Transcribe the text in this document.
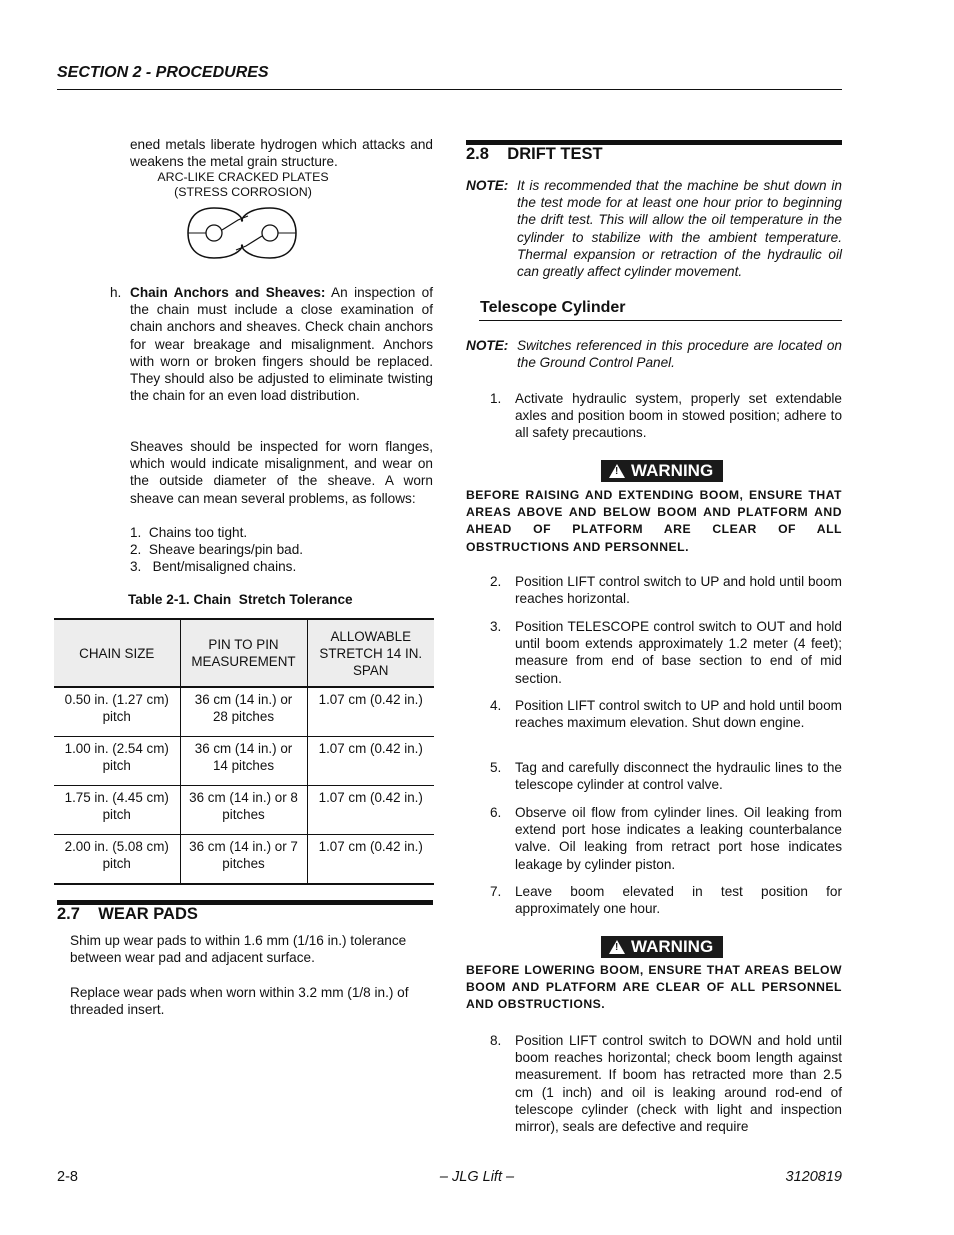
SECTION 2 - PROCEDURES

ened metals liberate hydrogen which attacks and weakens the metal grain structure.

ARC-LIKE CRACKED PLATES
(STRESS CORROSION)
h. Chain Anchors and Sheaves: An inspection of the chain must include a close examination of chain anchors and sheaves. Check chain anchors for wear breakage and misalignment. Anchors with worn or broken fingers should be replaced. They should also be adjusted to eliminate twisting the chain for an even load distribution.

Sheaves should be inspected for worn flanges, which would indicate misalignment, and wear on the outside diameter of the sheave. A worn sheave can mean several problems, as follows:

1.  Chains too tight.
2.  Sheave bearings/pin bad.
3.   Bent/misaligned chains.
Table 2-1. Chain  Stretch Tolerance
CHAIN SIZE	PIN TO PIN MEASUREMENT	ALLOWABLE STRETCH 14 IN. SPAN
0.50 in. (1.27 cm) pitch	36 cm (14 in.) or 28 pitches	1.07 cm (0.42 in.)
1.00 in. (2.54 cm) pitch	36 cm (14 in.) or 14 pitches	1.07 cm (0.42 in.)
1.75 in. (4.45 cm) pitch	36 cm (14 in.) or 8 pitches	1.07 cm (0.42 in.)
2.00 in. (5.08 cm) pitch	36 cm (14 in.) or 7 pitches	1.07 cm (0.42 in.)
2.7    WEAR PADS

Shim up wear pads to within 1.6 mm (1/16 in.) tolerance between wear pad and adjacent surface.

Replace wear pads when worn within 3.2 mm (1/8 in.) of threaded insert.

2.8    DRIFT TEST
NOTE: It is recommended that the machine be shut down in the test mode for at least one hour prior to beginning the drift test. This will allow the oil temperature in the cylinder to stabilize with the ambient temperature. Thermal expansion or retraction of the hydraulic oil can greatly affect cylinder movement.
Telescope Cylinder
NOTE: Switches referenced in this procedure are located on the Ground Control Panel.
1. Activate hydraulic system, properly set extendable axles and position boom in stowed position; adhere to all safety precautions.
! WARNING

BEFORE RAISING AND EXTENDING BOOM, ENSURE THAT AREAS ABOVE AND BELOW BOOM AND PLATFORM AND AHEAD OF PLATFORM ARE CLEAR OF ALL OBSTRUCTIONS AND PERSONNEL.

2. Position LIFT control switch to UP and hold until boom reaches horizontal.
3. Position TELESCOPE control switch to OUT and hold until boom extends approximately 1.2 meter (4 feet); measure from end of base section to end of mid section.
4. Position LIFT control switch to UP and hold until boom reaches maximum elevation. Shut down engine.
5. Tag and carefully disconnect the hydraulic lines to the telescope cylinder at control valve.
6. Observe oil flow from cylinder lines. Oil leaking from extend port hose indicates a leaking counterbalance valve. Oil leaking from retract port hose indicates leakage by cylinder piston.
7. Leave boom elevated in test position for approximately one hour.
! WARNING

BEFORE LOWERING BOOM, ENSURE THAT AREAS BELOW BOOM AND PLATFORM ARE CLEAR OF ALL PERSONNEL AND OBSTRUCTIONS.

8. Position LIFT control switch to DOWN and hold until boom reaches horizontal; check boom length against measurement. If boom has retracted more than 2.5 cm (1 inch) and oil is leaking around rod-end of telescope cylinder (check with light and inspection mirror), seals are defective and require
2-8	– JLG Lift –	3120819
